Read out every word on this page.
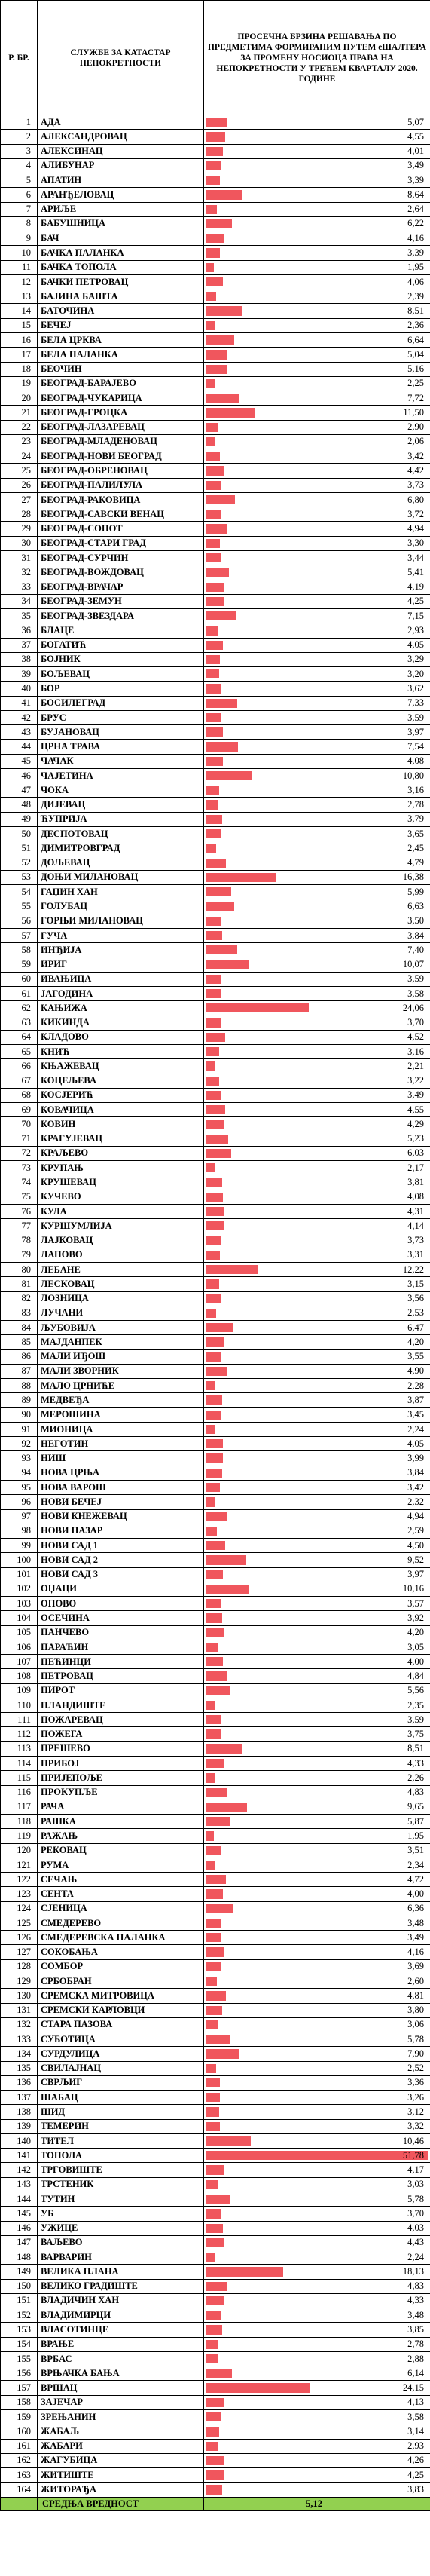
Р. БР.	СЛУЖБЕ ЗА КАТАСТАР НЕПОКРЕТНОСТИ	ПРОСЕЧНА БРЗИНА РЕШАВАЊА ПО ПРЕДМЕТИМА ФОРМИРАНИМ ПУТЕМ еШАЛТЕРА ЗА ПРОМЕНУ НОСИОЦА ПРАВА НА НЕПОКРЕТНОСТИ У ТРЕЋЕМ КВАРТАЛУ 2020. ГОДИНЕ
1	АДА	5,07
2	АЛЕКСАНДРОВАЦ	4,55
3	АЛЕКСИНАЦ	4,01
4	АЛИБУНАР	3,49
5	АПАТИН	3,39
6	АРАНЂЕЛОВАЦ	8,64
7	АРИЉЕ	2,64
8	БАБУШНИЦА	6,22
9	БАЧ	4,16
10	БАЧКА ПАЛАНКА	3,39
11	БАЧКА ТОПОЛА	1,95
12	БАЧКИ ПЕТРОВАЦ	4,06
13	БАЈИНА БАШТА	2,39
14	БАТОЧИНА	8,51
15	БЕЧЕЈ	2,36
16	БЕЛА ЦРКВА	6,64
17	БЕЛА ПАЛАНКА	5,04
18	БЕОЧИН	5,16
19	БЕОГРАД-БАРАЈЕВО	2,25
20	БЕОГРАД-ЧУКАРИЦА	7,72
21	БЕОГРАД-ГРОЦКА	11,50
22	БЕОГРАД-ЛАЗАРЕВАЦ	2,90
23	БЕОГРАД-МЛАДЕНОВАЦ	2,06
24	БЕОГРАД-НОВИ БЕОГРАД	3,42
25	БЕОГРАД-ОБРЕНОВАЦ	4,42
26	БЕОГРАД-ПАЛИЛУЛА	3,73
27	БЕОГРАД-РАКОВИЦА	6,80
28	БЕОГРАД-САВСКИ ВЕНАЦ	3,72
29	БЕОГРАД-СОПОТ	4,94
30	БЕОГРАД-СТАРИ ГРАД	3,30
31	БЕОГРАД-СУРЧИН	3,44
32	БЕОГРАД-ВОЖДОВАЦ	5,41
33	БЕОГРАД-ВРАЧАР	4,19
34	БЕОГРАД-ЗЕМУН	4,25
35	БЕОГРАД-ЗВЕЗДАРА	7,15
36	БЛАЦЕ	2,93
37	БОГАТИЋ	4,05
38	БОЈНИК	3,29
39	БОЉЕВАЦ	3,20
40	БОР	3,62
41	БОСИЛЕГРАД	7,33
42	БРУС	3,59
43	БУЈАНОВАЦ	3,97
44	ЦРНА ТРАВА	7,54
45	ЧАЧАК	4,08
46	ЧАЈЕТИНА	10,80
47	ЧОКА	3,16
48	ДИЈЕВАЦ	2,78
49	ЋУПРИЈА	3,79
50	ДЕСПОТОВАЦ	3,65
51	ДИМИТРОВГРАД	2,45
52	ДОЉЕВАЦ	4,79
53	ДОЊИ МИЛАНОВАЦ	16,38
54	ГАЏИН ХАН	5,99
55	ГОЛУБАЦ	6,63
56	ГОРЊИ МИЛАНОВАЦ	3,50
57	ГУЧА	3,84
58	ИНЂИЈА	7,40
59	ИРИГ	10,07
60	ИВАЊИЦА	3,59
61	ЈАГОДИНА	3,58
62	КАЊИЖА	24,06
63	КИКИНДА	3,70
64	КЛАДОВО	4,52
65	КНИЋ	3,16
66	КЊАЖЕВАЦ	2,21
67	КОЦЕЉЕВА	3,22
68	КОСЈЕРИЋ	3,49
69	КОВАЧИЦА	4,55
70	КОВИН	4,29
71	КРАГУЈЕВАЦ	5,23
72	КРАЉЕВО	6,03
73	КРУПАЊ	2,17
74	КРУШЕВАЦ	3,81
75	КУЧЕВО	4,08
76	КУЛА	4,31
77	КУРШУМЛИЈА	4,14
78	ЛАЈКОВАЦ	3,73
79	ЛАПОВО	3,31
80	ЛЕБАНЕ	12,22
81	ЛЕСКОВАЦ	3,15
82	ЛОЗНИЦА	3,56
83	ЛУЧАНИ	2,53
84	ЉУБОВИЈА	6,47
85	МАЈДАНПЕК	4,20
86	МАЛИ ИЂОШ	3,55
87	МАЛИ ЗВОРНИК	4,90
88	МАЛО ЦРНИЋЕ	2,28
89	МЕДВЕЂА	3,87
90	МЕРОШИНА	3,45
91	МИОНИЦА	2,24
92	НЕГОТИН	4,05
93	НИШ	3,99
94	НОВА ЦРЊА	3,84
95	НОВА ВАРОШ	3,42
96	НОВИ БЕЧЕЈ	2,32
97	НОВИ КНЕЖЕВАЦ	4,94
98	НОВИ ПАЗАР	2,59
99	НОВИ САД 1	4,50
100	НОВИ САД 2	9,52
101	НОВИ САД 3	3,97
102	ОЏАЦИ	10,16
103	ОПОВО	3,57
104	ОСЕЧИНА	3,92
105	ПАНЧЕВО	4,20
106	ПАРАЋИН	3,05
107	ПЕЋИНЦИ	4,00
108	ПЕТРОВАЦ	4,84
109	ПИРОТ	5,56
110	ПЛАНДИШТЕ	2,35
111	ПОЖАРЕВАЦ	3,59
112	ПОЖЕГА	3,75
113	ПРЕШЕВО	8,51
114	ПРИБОЈ	4,33
115	ПРИЈЕПОЉЕ	2,26
116	ПРОКУПЉЕ	4,83
117	РАЧА	9,65
118	РАШКА	5,87
119	РАЖАЊ	1,95
120	РЕКОВАЦ	3,51
121	РУМА	2,34
122	СЕЧАЊ	4,72
123	СЕНТА	4,00
124	СЈЕНИЦА	6,36
125	СМЕДЕРЕВО	3,48
126	СМЕДЕРЕВСКА ПАЛАНКА	3,49
127	СОКОБАЊА	4,16
128	СОМБОР	3,69
129	СРБОБРАН	2,60
130	СРЕМСКА МИТРОВИЦА	4,81
131	СРЕМСКИ КАРЛОВЦИ	3,80
132	СТАРА ПАЗОВА	3,06
133	СУБОТИЦА	5,78
134	СУРДУЛИЦА	7,90
135	СВИЛАЈНАЦ	2,52
136	СВРЉИГ	3,36
137	ШАБАЦ	3,26
138	ШИД	3,12
139	ТЕМЕРИН	3,32
140	ТИТЕЛ	10,46
141	ТОПОЛА	51,78
142	ТРГОВИШТЕ	4,17
143	ТРСТЕНИК	3,03
144	ТУТИН	5,78
145	УБ	3,70
146	УЖИЦЕ	4,03
147	ВАЉЕВО	4,43
148	ВАРВАРИН	2,24
149	ВЕЛИКА ПЛАНА	18,13
150	ВЕЛИКО ГРАДИШТЕ	4,83
151	ВЛАДИЧИН ХАН	4,33
152	ВЛАДИМИРЦИ	3,48
153	ВЛАСОТИНЦЕ	3,85
154	ВРАЊЕ	2,78
155	ВРБАС	2,88
156	ВРЊАЧКА БАЊА	6,14
157	ВРШАЦ	24,15
158	ЗАЈЕЧАР	4,13
159	ЗРЕЊАНИН	3,58
160	ЖАБАЉ	3,14
161	ЖАБАРИ	2,93
162	ЖАГУБИЦА	4,26
163	ЖИТИШТЕ	4,25
164	ЖИТОРАЂА	3,83
	СРЕДЊА ВРЕДНОСТ	5,12
